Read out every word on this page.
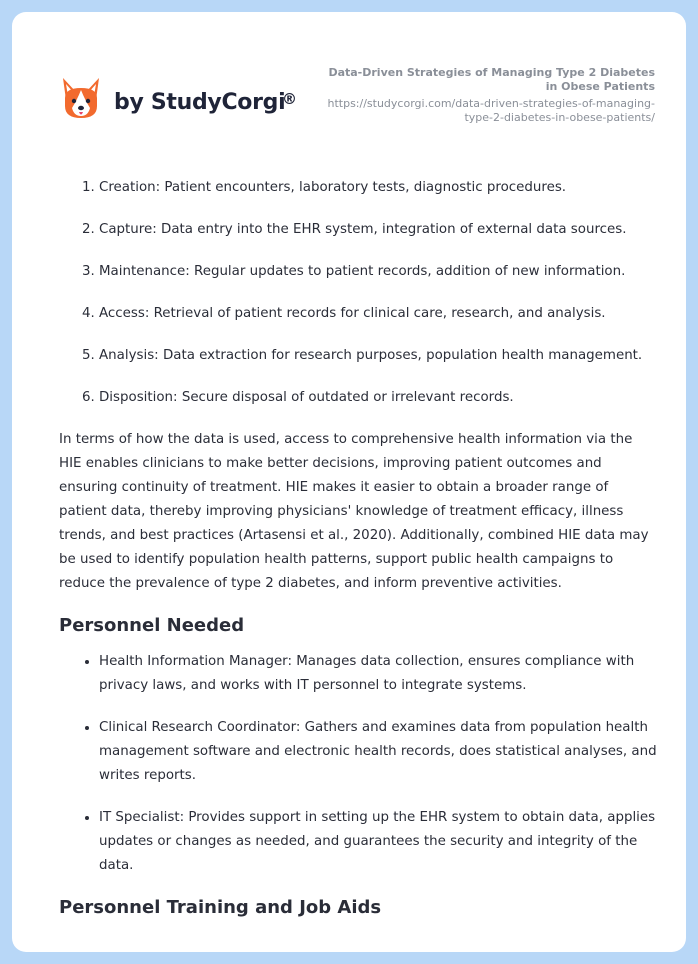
by StudyCorgi
®
Data-Driven Strategies of Managing Type 2 Diabetes in Obese Patients
https://studycorgi.com/data-driven-strategies-of-managing-type-2-diabetes-in-obese-patients/
1. Creation: Patient encounters, laboratory tests, diagnostic procedures.
2. Capture: Data entry into the EHR system, integration of external data sources.
3. Maintenance: Regular updates to patient records, addition of new information.
4. Access: Retrieval of patient records for clinical care, research, and analysis.
5. Analysis: Data extraction for research purposes, population health management.
6. Disposition: Secure disposal of outdated or irrelevant records.

In terms of how the data is used, access to comprehensive health information via the HIE enables clinicians to make better decisions, improving patient outcomes and ensuring continuity of treatment. HIE makes it easier to obtain a broader range of patient data, thereby improving physicians' knowledge of treatment efficacy, illness trends, and best practices (Artasensi et al., 2020). Additionally, combined HIE data may be used to identify population health patterns, support public health campaigns to reduce the prevalence of type 2 diabetes, and inform preventive activities.

Personnel Needed
• Health Information Manager: Manages data collection, ensures compliance with privacy laws, and works with IT personnel to integrate systems.
• Clinical Research Coordinator: Gathers and examines data from population health management software and electronic health records, does statistical analyses, and writes reports.
• IT Specialist: Provides support in setting up the EHR system to obtain data, applies updates or changes as needed, and guarantees the security and integrity of the data.
Personnel Training and Job Aids
